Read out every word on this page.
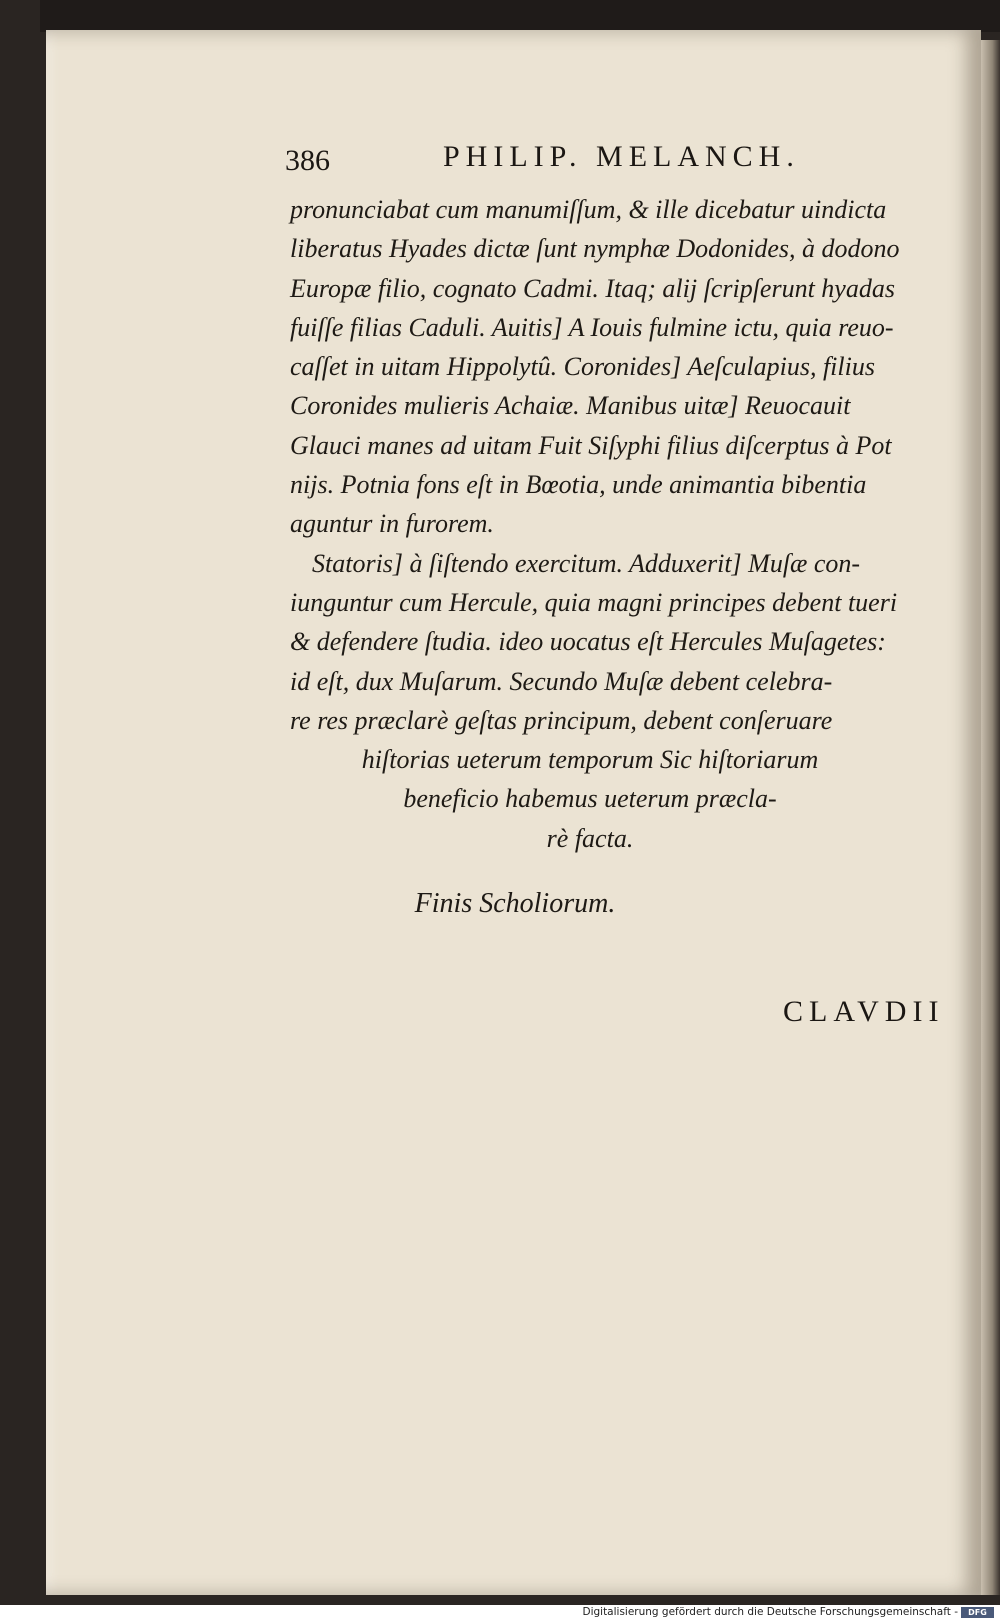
386	PHILIP. MELANCH.
pronunciabat cum manumiſſum, & ille dicebatur uindicta
liberatus Hyades dictæ ſunt nymphæ Dodonides, à dodono
Europæ filio, cognato Cadmi. Itaq; alij ſcripſerunt hyadas
fuiſſe filias Caduli. Auitis] A Iouis fulmine ictu, quia reuo-
caſſet in uitam Hippolytû. Coronides] Aeſculapius, filius
Coronides mulieris Achaiæ. Manibus uitæ] Reuocauit
Glauci manes ad uitam Fuit Siſyphi filius diſcerptus à Pot
nijs. Potnia fons eſt in Bœotia, unde animantia bibentia
aguntur in furorem.
Statoris] à ſiſtendo exercitum. Adduxerit] Muſæ con-
iunguntur cum Hercule, quia magni principes debent tueri
& defendere ſtudia. ideo uocatus eſt Hercules Muſagetes:
id eſt, dux Muſarum. Secundo Muſæ debent celebra-
re res præclarè geſtas principum, debent conſeruare
hiſtorias ueterum temporum Sic hiſtoriarum
beneficio habemus ueterum præcla-
rè facta.
Finis Scholiorum.
CLAVDII
Digitalisierung gefördert durch die Deutsche Forschungsgemeinschaft -	DFG
